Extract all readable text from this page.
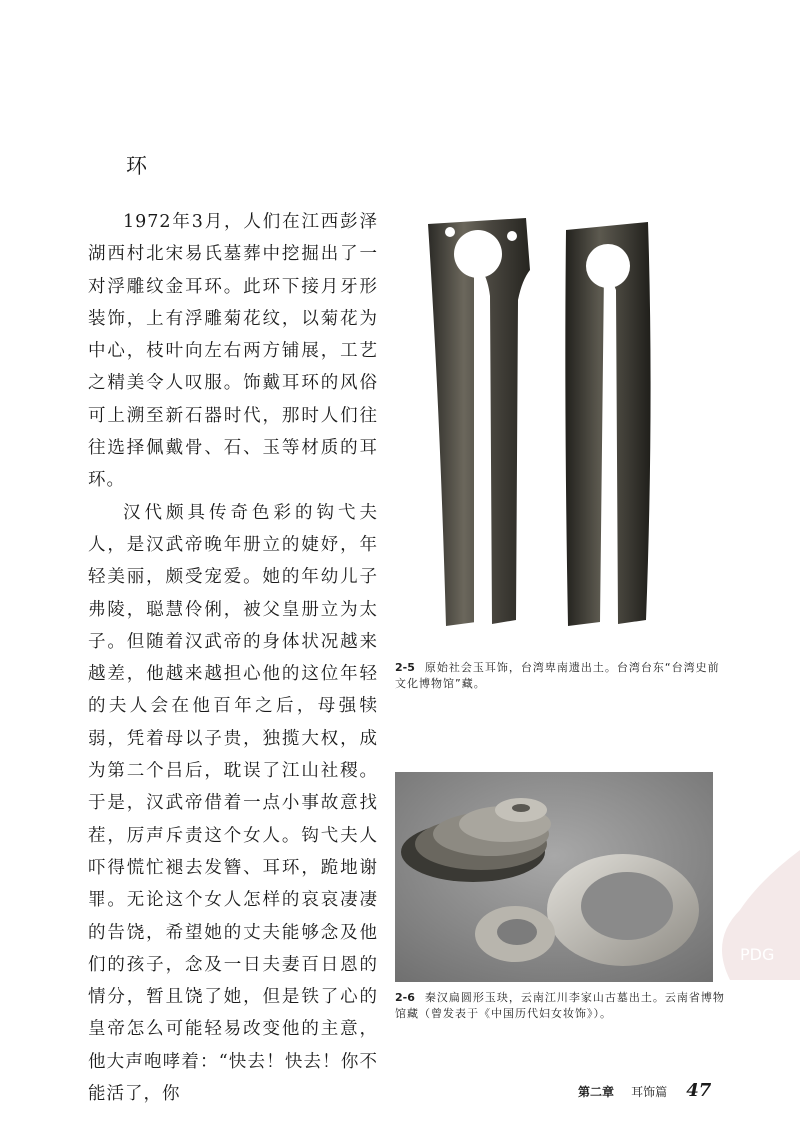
环

1972年3月，人们在江西彭泽湖西村北宋易氏墓葬中挖掘出了一对浮雕纹金耳环。此环下接月牙形装饰，上有浮雕菊花纹，以菊花为中心，枝叶向左右两方铺展，工艺之精美令人叹服。饰戴耳环的风俗可上溯至新石器时代，那时人们往往选择佩戴骨、石、玉等材质的耳环。

汉代颇具传奇色彩的钩弋夫人，是汉武帝晚年册立的婕妤，年轻美丽，颇受宠爱。她的年幼儿子弗陵，聪慧伶俐，被父皇册立为太子。但随着汉武帝的身体状况越来越差，他越来越担心他的这位年轻的夫人会在他百年之后，母强犊弱，凭着母以子贵，独揽大权，成为第二个吕后，耽误了江山社稷。于是，汉武帝借着一点小事故意找茬，厉声斥责这个女人。钩弋夫人吓得慌忙褪去发簪、耳环，跪地谢罪。无论这个女人怎样的哀哀凄凄的告饶，希望她的丈夫能够念及他们的孩子，念及一日夫妻百日恩的情分，暂且饶了她，但是铁了心的皇帝怎么可能轻易改变他的主意，他大声咆哮着：“快去！快去！你不能活了，你

2-5 原始社会玉耳饰，台湾卑南遗出土。台湾台东“台湾史前文化博物馆”藏。
2-6 秦汉扁圆形玉玦，云南江川李家山古墓出土。云南省博物馆藏（曾发表于《中国历代妇女妆饰》）。
PDG
第二章 耳饰篇 47
